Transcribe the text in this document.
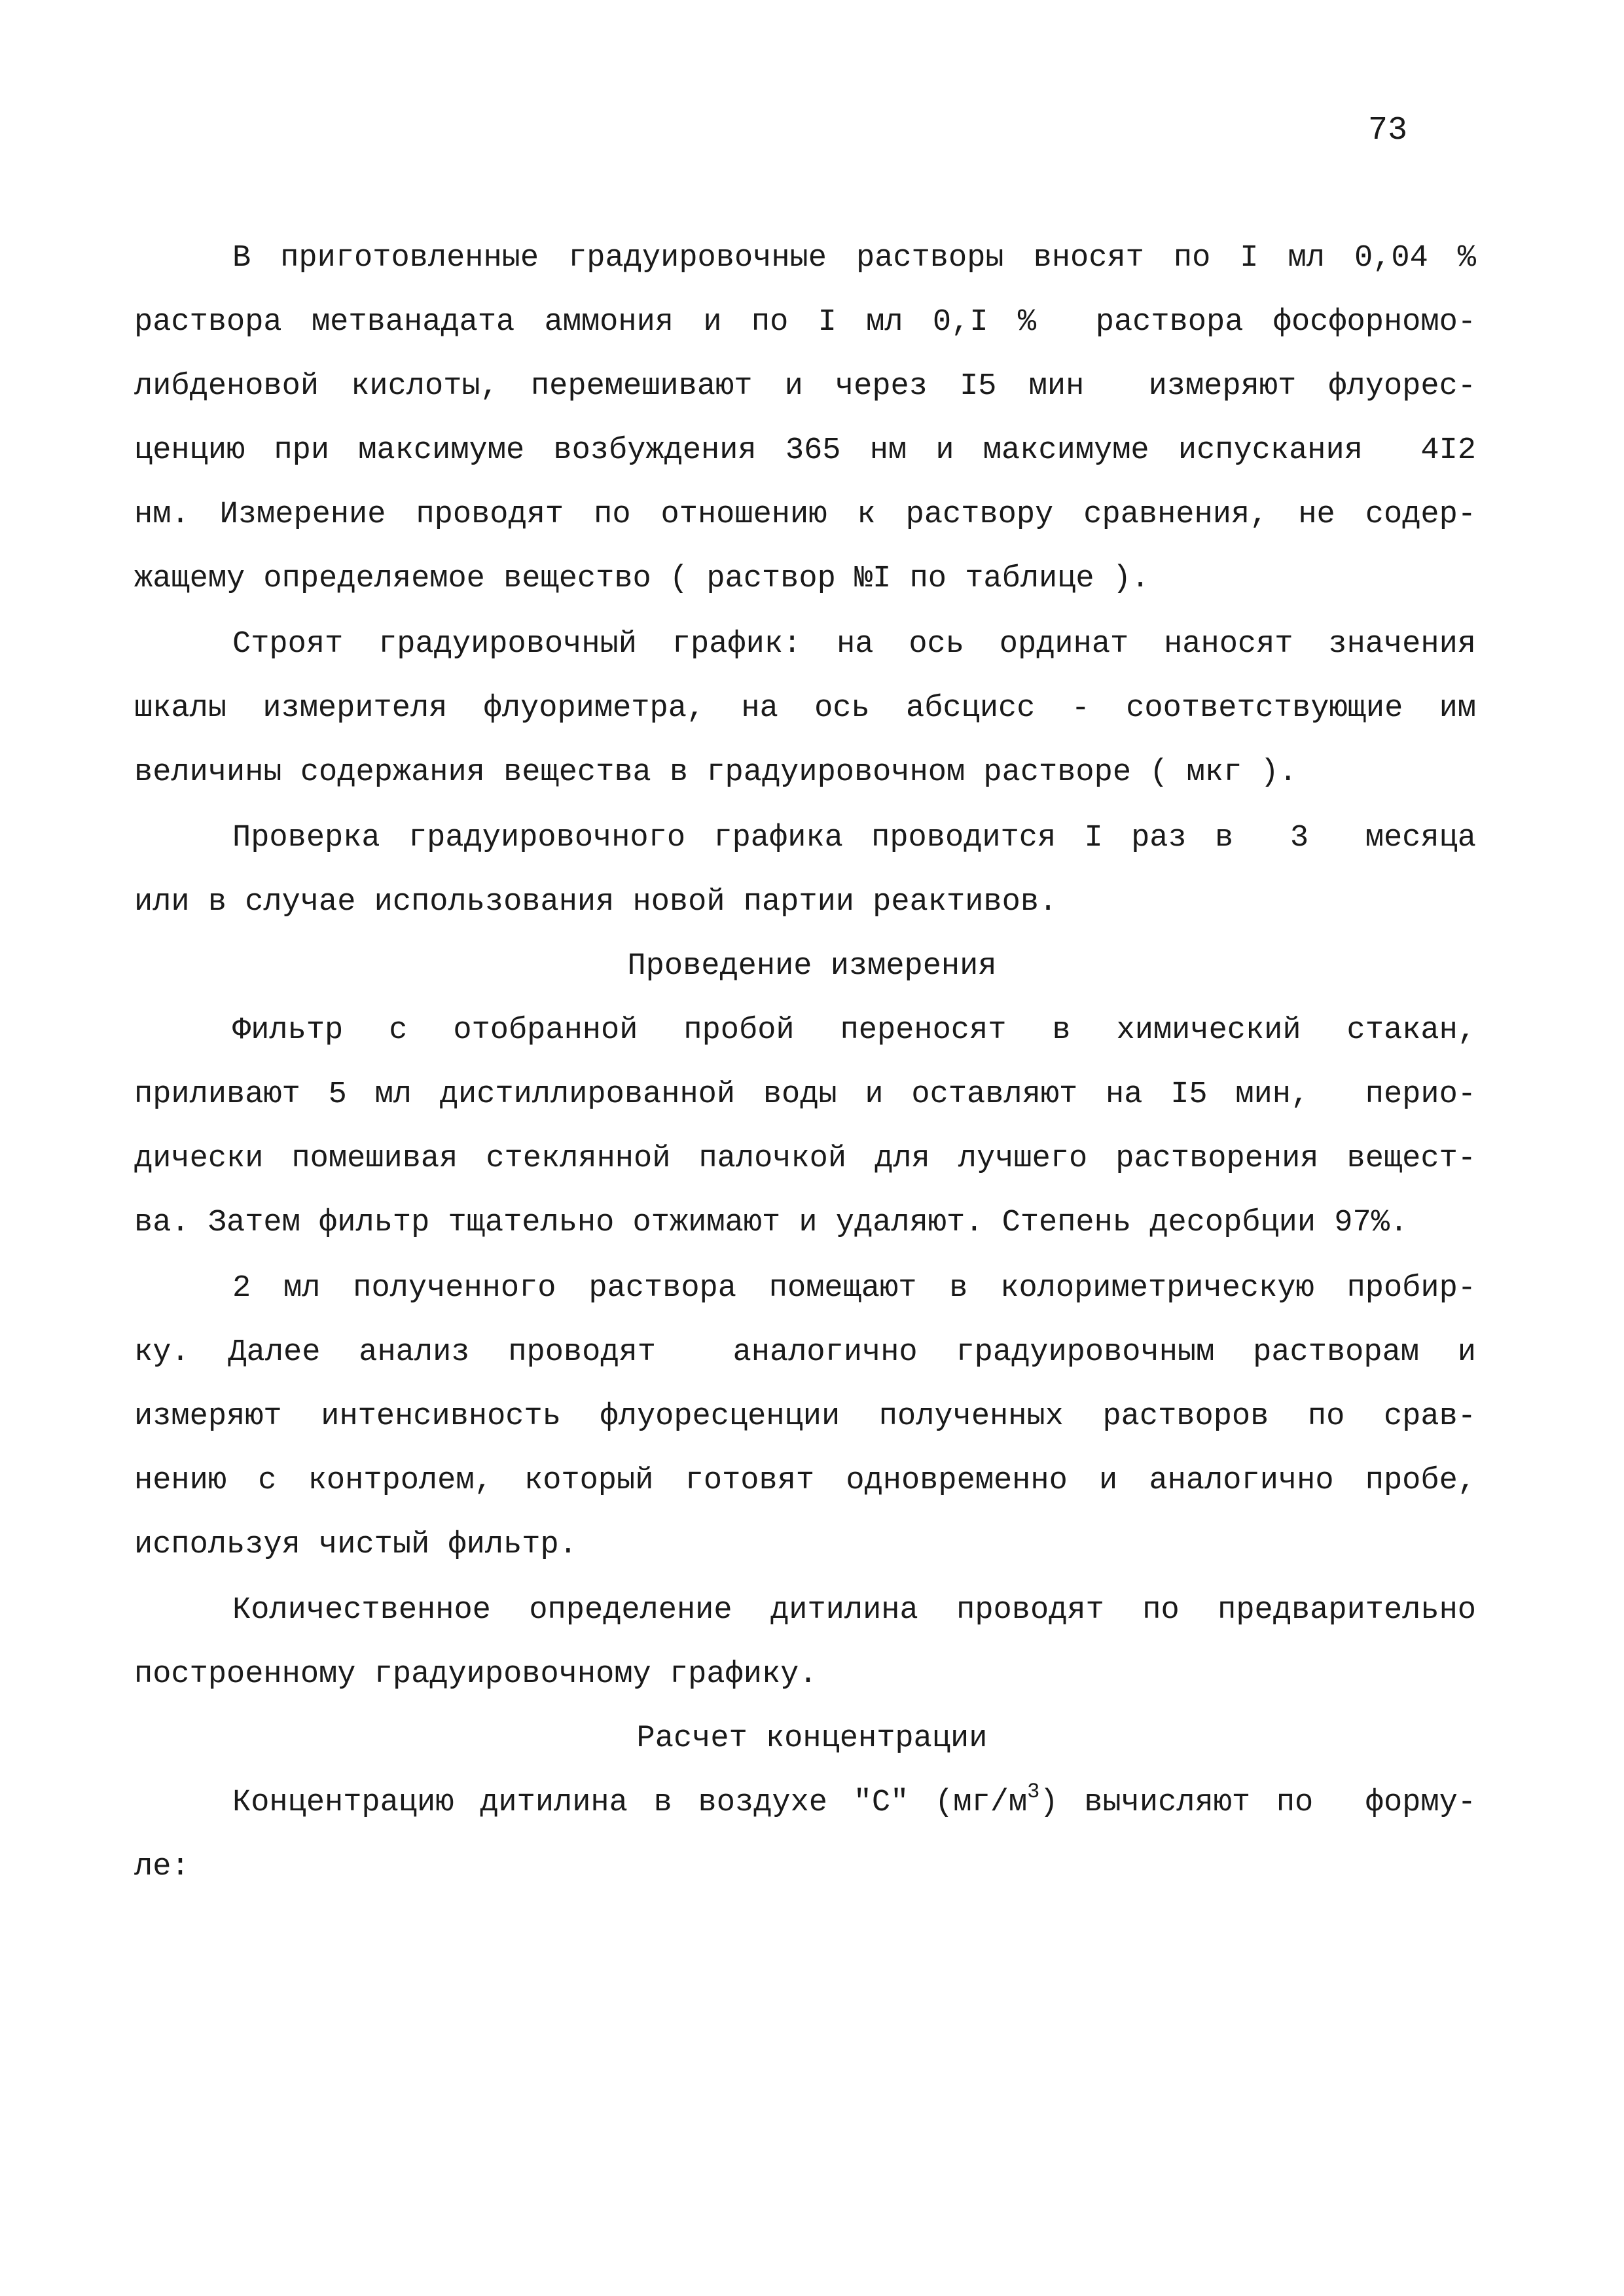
73

В приготовленные градуировочные растворы вносят по I мл 0,04 %

раствора метванадата аммония и по I мл 0,I %  раствора фосфорномо-

либденовой кислоты, перемешивают и через I5 мин  измеряют флуорес-

ценцию при максимуме возбуждения 365 нм и максимуме испускания  4I2

нм. Измерение проводят по отношению к раствору сравнения, не содер-

жащему определяемое вещество ( раствор №I по таблице ).

Строят градуировочный график: на ось ординат наносят значения

шкалы измерителя флуориметра, на ось абсцисс - соответствующие им

величины содержания вещества в градуировочном растворе ( мкг ).

Проверка градуировочного графика проводится I раз в  3  месяца

или в случае использования новой партии реактивов.

Проведение измерения

Фильтр с отобранной пробой переносят в химический стакан,

приливают 5 мл дистиллированной воды и оставляют на I5 мин,  перио-

дически помешивая стеклянной палочкой для лучшего растворения вещест-

ва. Затем фильтр тщательно отжимают и удаляют. Степень десорбции 97%.

2 мл полученного раствора помещают в колориметрическую пробир-

ку. Далее анализ проводят  аналогично градуировочным растворам и

измеряют интенсивность флуоресценции полученных растворов по срав-

нению с контролем, который готовят одновременно и аналогично пробе,

используя чистый фильтр.

Количественное определение дитилина проводят по предварительно

построенному градуировочному графику.

Расчет концентрации

Концентрацию дитилина в воздухе "С" $(мг/м^3)$ вычисляют по  форму-

ле:
